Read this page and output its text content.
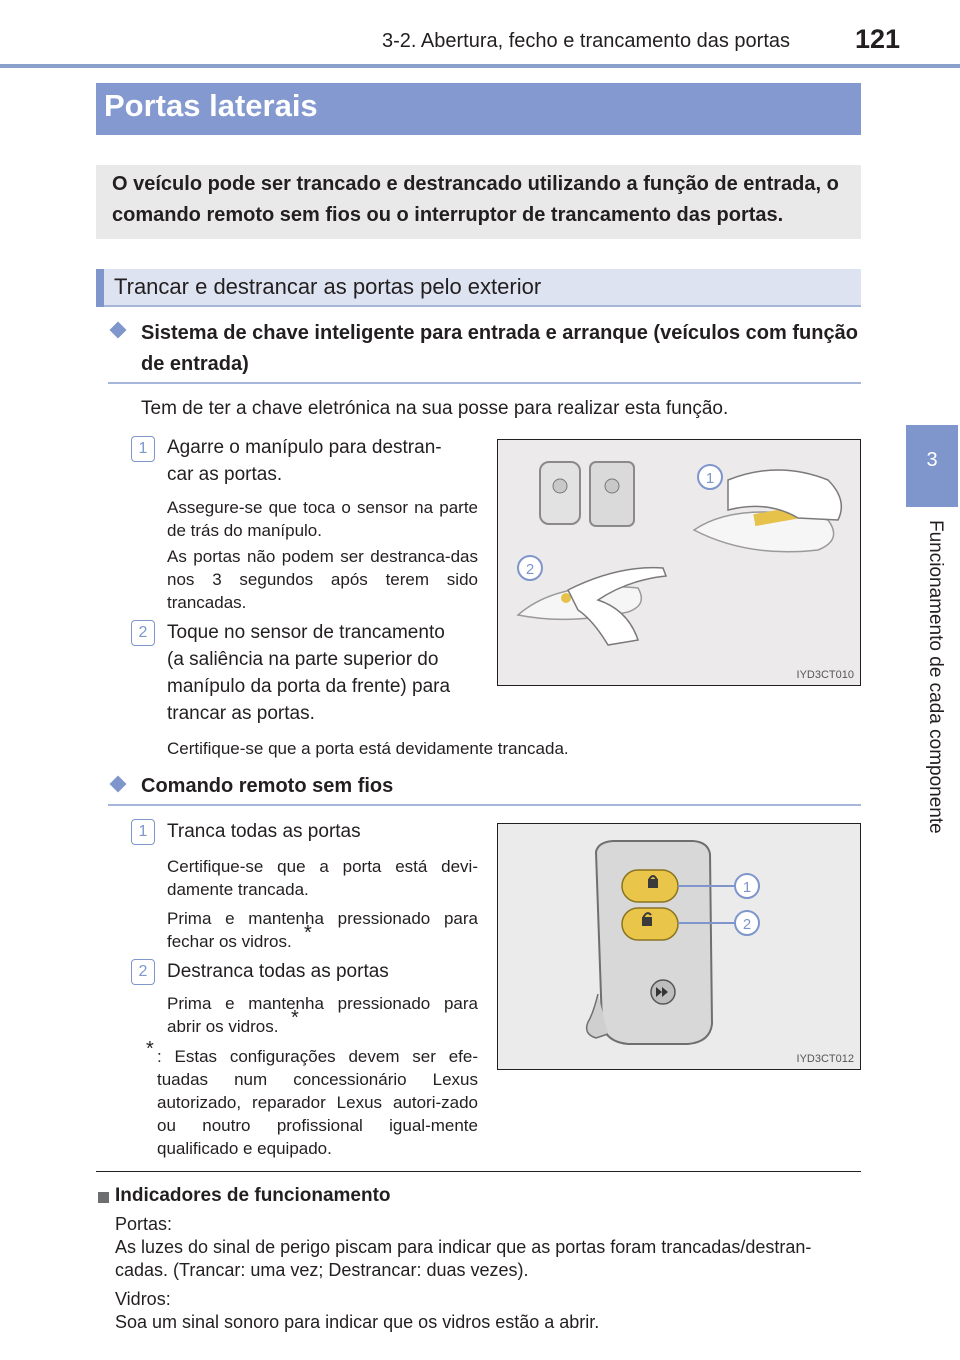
3-2. Abertura, fecho e trancamento das portas 121
3
Funcionamento de cada componente
Portas laterais
O veículo pode ser trancado e destrancado utilizando a função de entrada, o comando remoto sem fios ou o interruptor de trancamento das portas.
Trancar e destrancar as portas pelo exterior
Sistema de chave inteligente para entrada e arranque (veículos com função
de entrada)
Tem de ter a chave eletrónica na sua posse para realizar esta função.
1	Agarre o manípulo para destran-
car as portas.
Assegure-se que toca o sensor na parte de trás do manípulo.
As portas não podem ser destranca-das nos 3 segundos após terem sido trancadas.
2	Toque no sensor de trancamento
(a saliência na parte superior do
manípulo da porta da frente) para
trancar as portas.
Certifique-se que a porta está devidamente trancada.
1
2
IYD3CT010
Comando remoto sem fios
1	Tranca todas as portas
Certifique-se que a porta está devi-damente trancada.
Prima e mantenha pressionado para fechar os vidros. *
2	Destranca todas as portas
Prima e mantenha pressionado para abrir os vidros. *
* : Estas configurações devem ser efe-tuadas num concessionário Lexus autorizado, reparador Lexus autori-zado ou noutro profissional igual-mente qualificado e equipado.
1
2
IYD3CT012
Indicadores de funcionamento
Portas:
As luzes do sinal de perigo piscam para indicar que as portas foram trancadas/destran-cadas. (Trancar: uma vez; Destrancar: duas vezes).
Vidros:
Soa um sinal sonoro para indicar que os vidros estão a abrir.
